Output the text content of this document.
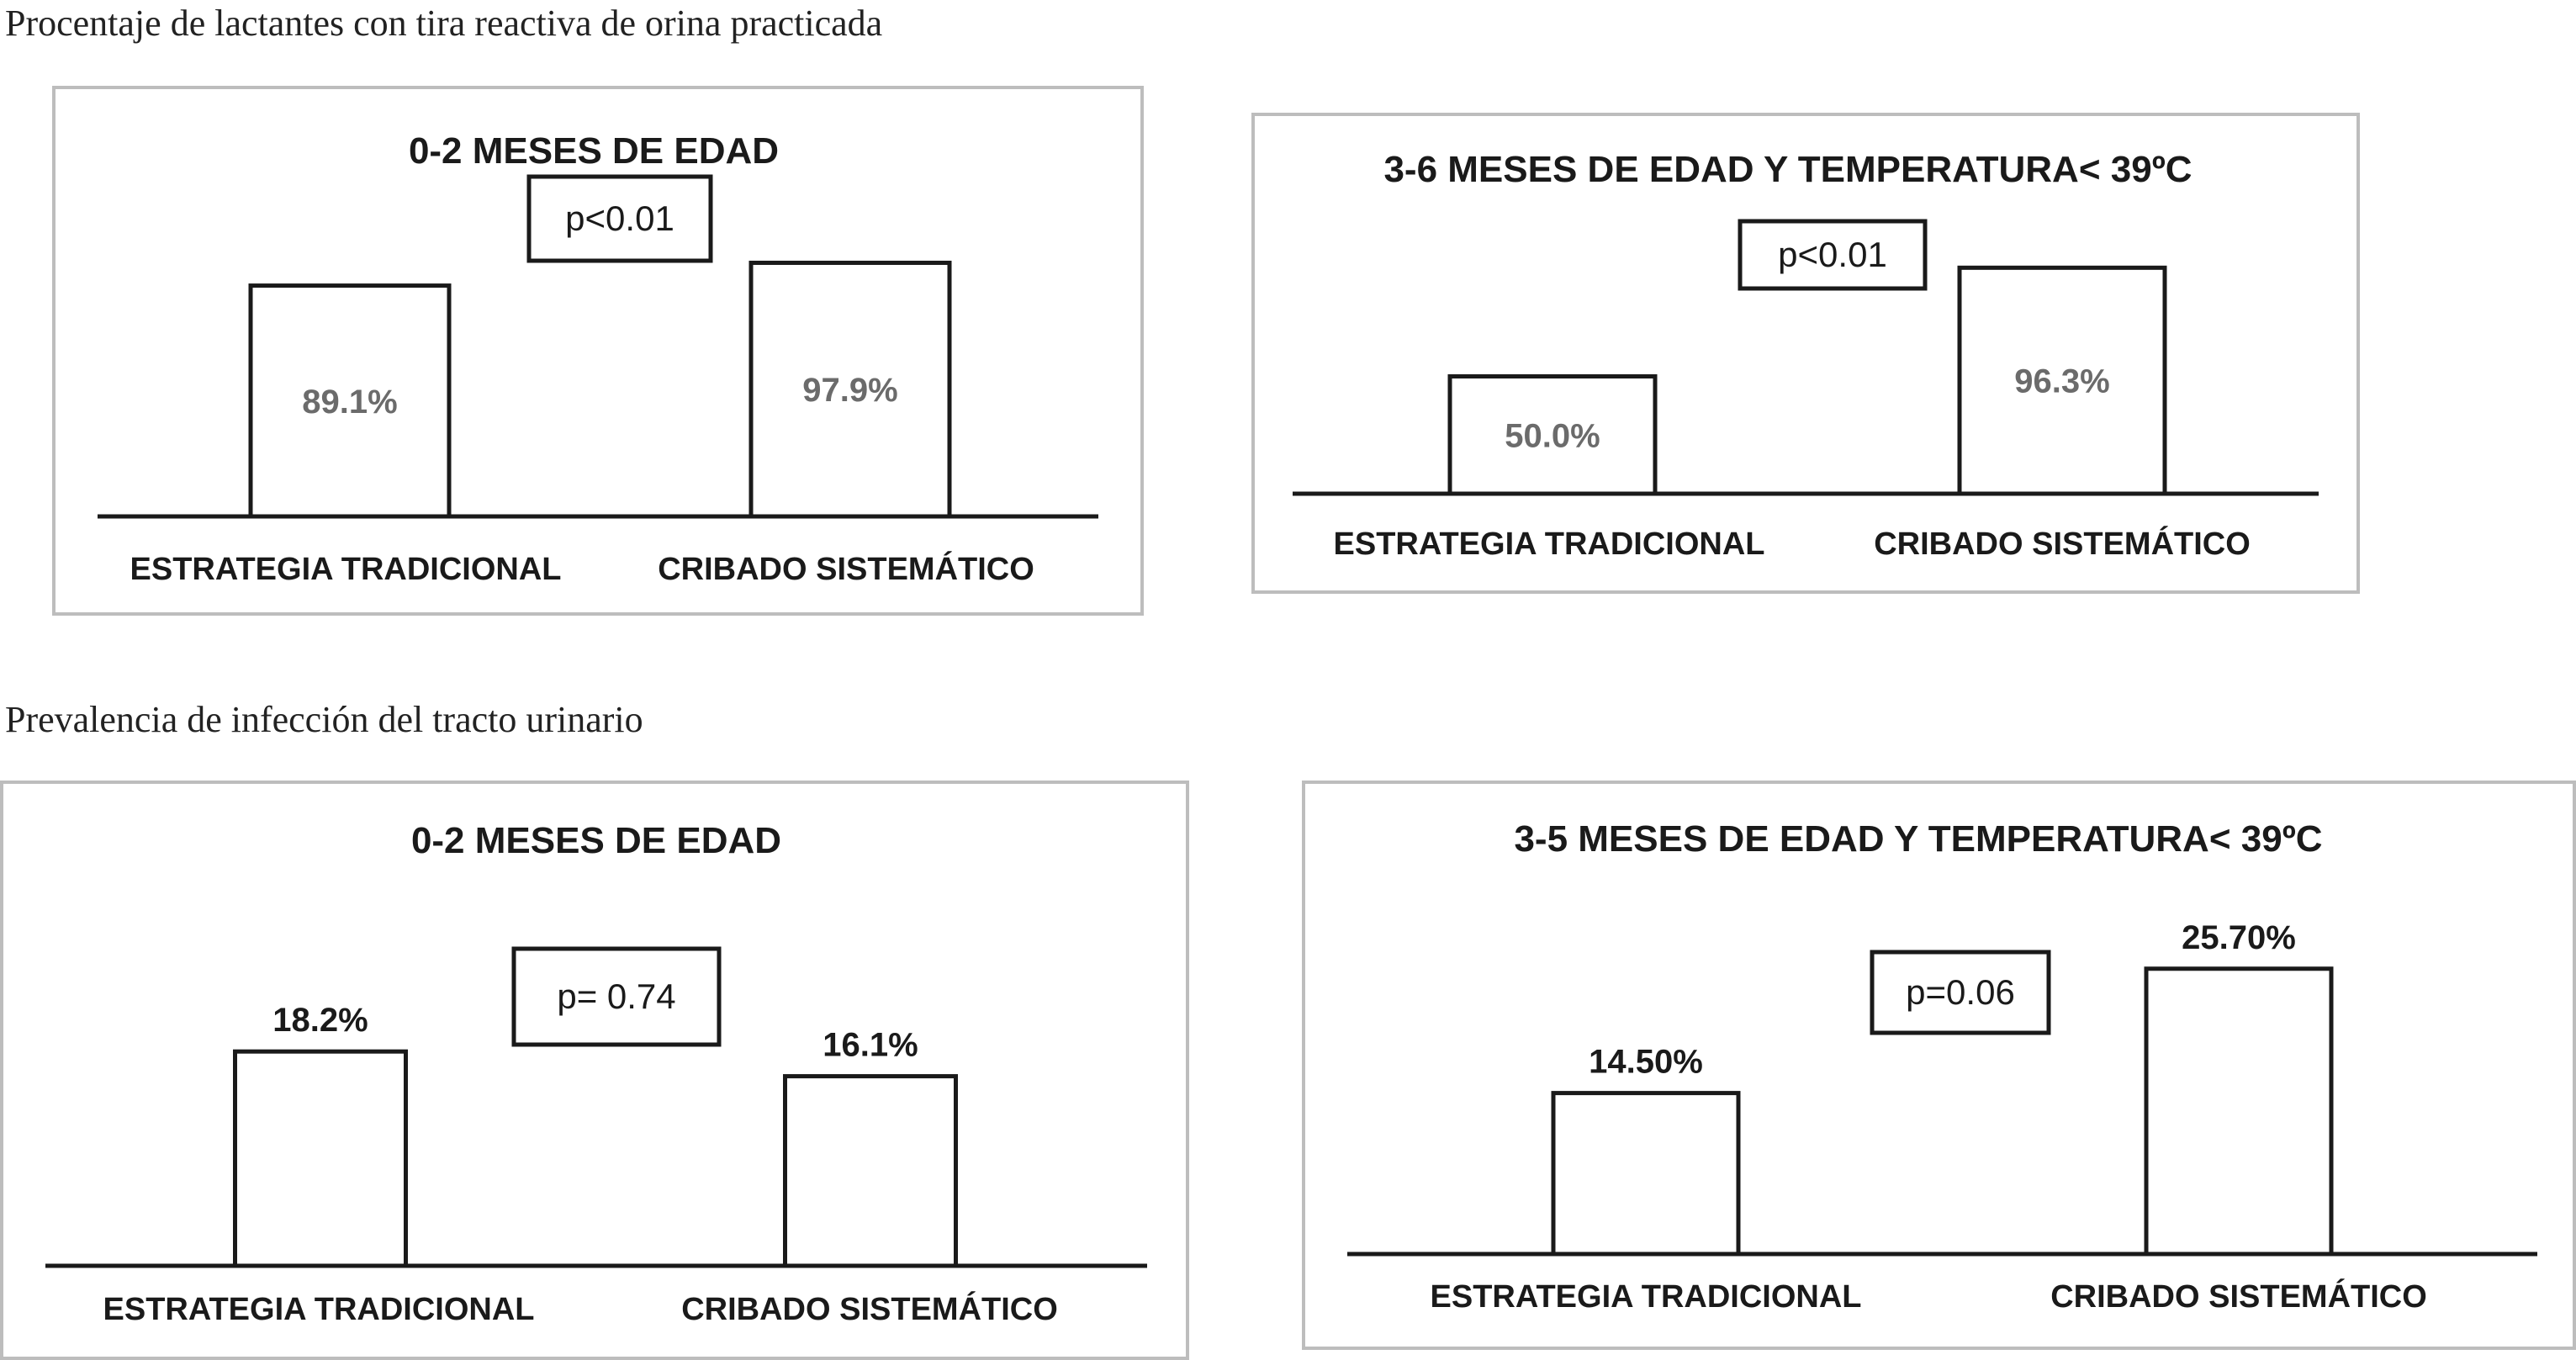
Procentaje de lactantes con tira reactiva de orina practicada
Prevalencia de infección del tracto urinario
0-2 MESES DE EDAD
89.1%	97.9%
ESTRATEGIA TRADICIONAL	CRIBADO SISTEMÁTICO
p<0.01
3-6 MESES DE EDAD Y TEMPERATURA< 39ºC
50.0%
96.3%
ESTRATEGIA TRADICIONAL	CRIBADO SISTEMÁTICO
p<0.01
0-2 MESES DE EDAD
18.2%
16.1%
ESTRATEGIA TRADICIONAL	CRIBADO SISTEMÁTICO
p= 0.74
3-5 MESES DE EDAD Y TEMPERATURA< 39ºC
14.50%
25.70%
ESTRATEGIA TRADICIONAL	CRIBADO SISTEMÁTICO
p=0.06
